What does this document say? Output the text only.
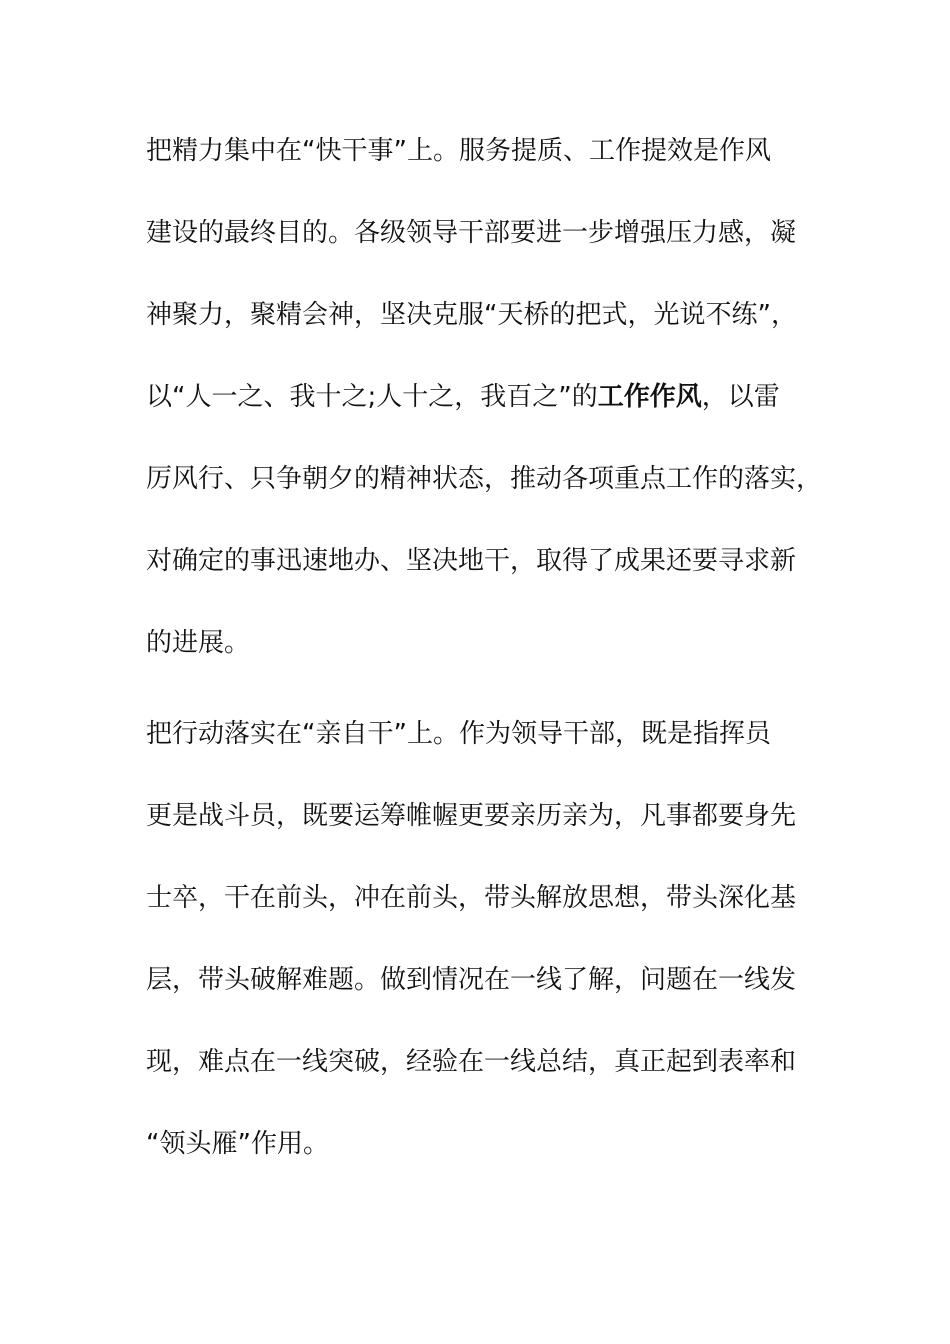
把精力集中在“快干事”上。服务提质、工作提效是作风
建设的最终目的。各级领导干部要进一步增强压力感，凝
神聚力，聚精会神，坚决克服“天桥的把式，光说不练”，
以“人一之、我十之;人十之，我百之”的工作作风，以雷
厉风行、只争朝夕的精神状态，推动各项重点工作的落实，
对确定的事迅速地办、坚决地干，取得了成果还要寻求新
的进展。
把行动落实在“亲自干”上。作为领导干部，既是指挥员
更是战斗员，既要运筹帷幄更要亲历亲为，凡事都要身先
士卒，干在前头，冲在前头，带头解放思想，带头深化基
层，带头破解难题。做到情况在一线了解，问题在一线发
现，难点在一线突破，经验在一线总结，真正起到表率和
“领头雁”作用。
